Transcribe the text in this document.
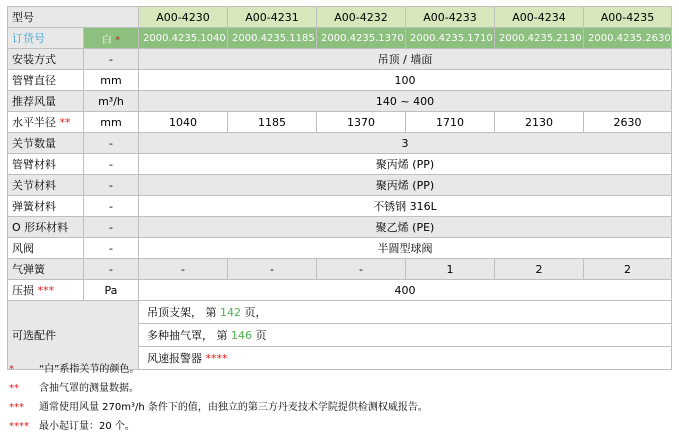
型号		A00-4230	A00-4231	A00-4232	A00-4233	A00-4234	A00-4235
订货号	白 *	2000.4235.1040	2000.4235.1185	2000.4235.1370	2000.4235.1710	2000.4235.2130	2000.4235.2630
安装方式	-	吊顶 / 墙面					
管臂直径	mm	100					
推荐风量	m³/h	140 ~ 400					
水平半径 **	mm	1040	1185	1370	1710	2130	2630
关节数量	-	3					
管臂材料	-	聚丙烯 (PP)					
关节材料	-	聚丙烯 (PP)					
弹簧材料	-	不锈钢 316L					
O 形环材料	-	聚乙烯 (PE)					
风阀	-	半圆型球阀					
气弹簧	-	-	-	-	1	2	2
压损 ***	Pa	400					
可选配件		吊顶支架， 第 142 页，					
		多种抽气罩， 第 146 页					
		风速报警器 ****					
*	“白”系指关节的颜色。
**	含抽气罩的测量数据。
***	通常使用风量 270m³/h 条件下的值，由独立的第三方丹麦技术学院提供检测权威报告。
****	最小起订量：20 个。
